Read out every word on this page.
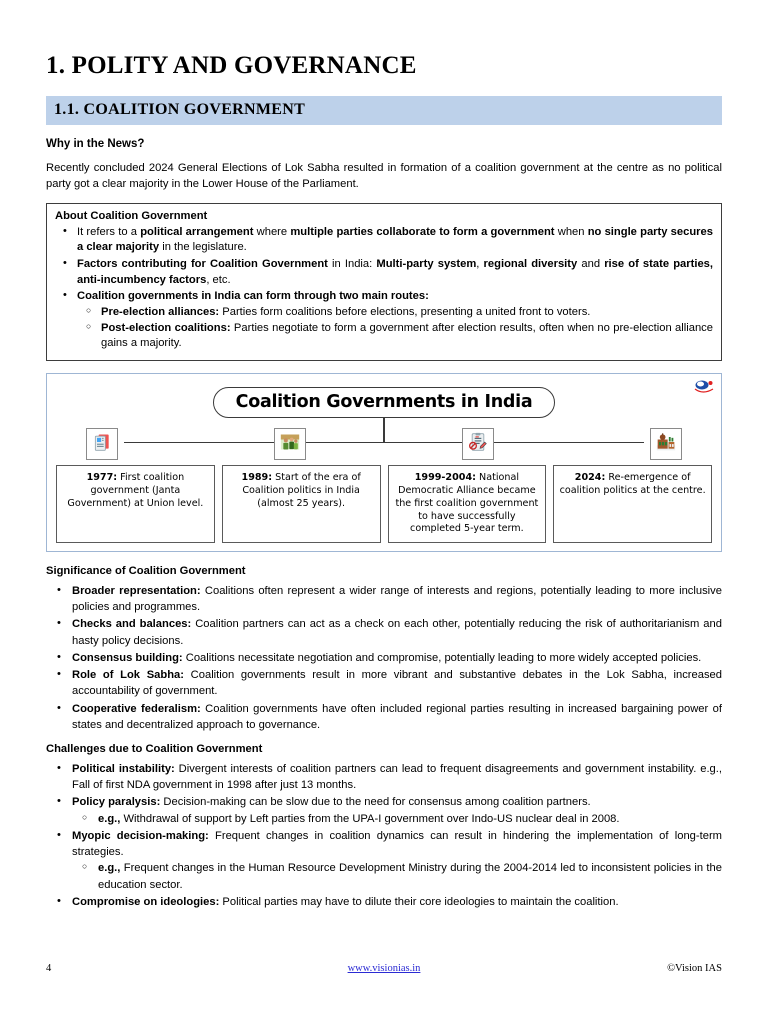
1. POLITY AND GOVERNANCE
1.1. COALITION GOVERNMENT
Why in the News?

Recently concluded 2024 General Elections of Lok Sabha resulted in formation of a coalition government at the centre as no political party got a clear majority in the Lower House of the Parliament.

About Coalition Government
• It refers to a political arrangement where multiple parties collaborate to form a government when no single party secures a clear majority in the legislature.
• Factors contributing for Coalition Government in India: Multi-party system, regional diversity and rise of state parties, anti-incumbency factors, etc.
• Coalition governments in India can form through two main routes:
○ Pre-election alliances: Parties form coalitions before elections, presenting a united front to voters.
○ Post-election coalitions: Parties negotiate to form a government after election results, often when no pre-election alliance gains a majority.
Coalition Governments in India
1977: First coalition government (Janta Government) at Union level.
1989: Start of the era of Coalition politics in India (almost 25 years).
1999-2004: National Democratic Alliance became the first coalition government to have successfully completed 5-year term.
2024: Re-emergence of coalition politics at the centre.
Significance of Coalition Government
• Broader representation: Coalitions often represent a wider range of interests and regions, potentially leading to more inclusive policies and programmes.
• Checks and balances: Coalition partners can act as a check on each other, potentially reducing the risk of authoritarianism and hasty policy decisions.
• Consensus building: Coalitions necessitate negotiation and compromise, potentially leading to more widely accepted policies.
• Role of Lok Sabha: Coalition governments result in more vibrant and substantive debates in the Lok Sabha, increased accountability of government.
• Cooperative federalism: Coalition governments have often included regional parties resulting in increased bargaining power of states and decentralized approach to governance.
Challenges due to Coalition Government
• Political instability: Divergent interests of coalition partners can lead to frequent disagreements and government instability. e.g., Fall of first NDA government in 1998 after just 13 months.
• Policy paralysis: Decision-making can be slow due to the need for consensus among coalition partners.
○ e.g., Withdrawal of support by Left parties from the UPA-I government over Indo-US nuclear deal in 2008.
• Myopic decision-making: Frequent changes in coalition dynamics can result in hindering the implementation of long-term strategies.
○ e.g., Frequent changes in the Human Resource Development Ministry during the 2004-2014 led to inconsistent policies in the education sector.
• Compromise on ideologies: Political parties may have to dilute their core ideologies to maintain the coalition.
4	www.visionias.in	©Vision IAS
